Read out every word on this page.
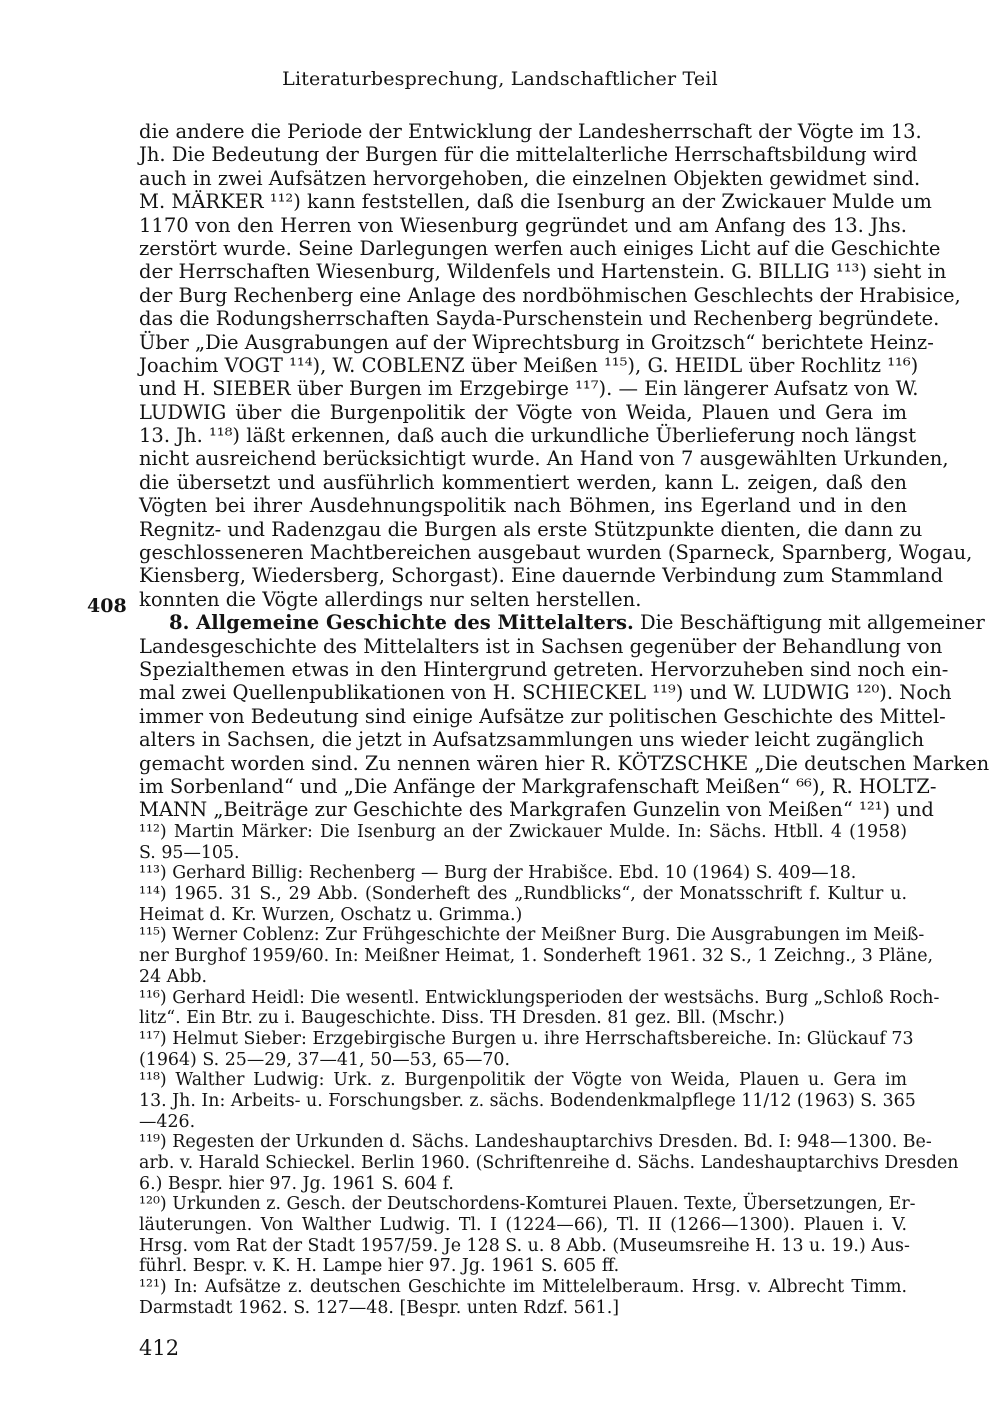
Literaturbesprechung, Landschaftlicher Teil
die andere die Periode der Entwicklung der Landesherrschaft der Vögte im 13.
Jh. Die Bedeutung der Burgen für die mittelalterliche Herrschaftsbildung wird
auch in zwei Aufsätzen hervorgehoben, die einzelnen Objekten gewidmet sind.
M. MÄRKER ¹¹²) kann feststellen, daß die Isenburg an der Zwickauer Mulde um
1170 von den Herren von Wiesenburg gegründet und am Anfang des 13. Jhs.
zerstört wurde. Seine Darlegungen werfen auch einiges Licht auf die Geschichte
der Herrschaften Wiesenburg, Wildenfels und Hartenstein. G. BILLIG ¹¹³) sieht in
der Burg Rechenberg eine Anlage des nordböhmischen Geschlechts der Hrabisice,
das die Rodungsherrschaften Sayda-Purschenstein und Rechenberg begründete.
Über „Die Ausgrabungen auf der Wiprechtsburg in Groitzsch“ berichtete Heinz-
Joachim VOGT ¹¹⁴), W. COBLENZ über Meißen ¹¹⁵), G. HEIDL über Rochlitz ¹¹⁶)
und H. SIEBER über Burgen im Erzgebirge ¹¹⁷). — Ein längerer Aufsatz von W.
LUDWIG über die Burgenpolitik der Vögte von Weida, Plauen und Gera im
13. Jh. ¹¹⁸) läßt erkennen, daß auch die urkundliche Überlieferung noch längst
nicht ausreichend berücksichtigt wurde. An Hand von 7 ausgewählten Urkunden,
die übersetzt und ausführlich kommentiert werden, kann L. zeigen, daß den
Vögten bei ihrer Ausdehnungspolitik nach Böhmen, ins Egerland und in den
Regnitz- und Radenzgau die Burgen als erste Stützpunkte dienten, die dann zu
geschlosseneren Machtbereichen ausgebaut wurden (Sparneck, Sparnberg, Wogau,
Kiensberg, Wiedersberg, Schorgast). Eine dauernde Verbindung zum Stammland
konnten die Vögte allerdings nur selten herstellen.
8. Allgemeine Geschichte des Mittelalters. Die Beschäftigung mit allgemeiner
Landesgeschichte des Mittelalters ist in Sachsen gegenüber der Behandlung von
Spezialthemen etwas in den Hintergrund getreten. Hervorzuheben sind noch ein-
mal zwei Quellenpublikationen von H. SCHIECKEL ¹¹⁹) und W. LUDWIG ¹²⁰). Noch
immer von Bedeutung sind einige Aufsätze zur politischen Geschichte des Mittel-
alters in Sachsen, die jetzt in Aufsatzsammlungen uns wieder leicht zugänglich
gemacht worden sind. Zu nennen wären hier R. KÖTZSCHKE „Die deutschen Marken
im Sorbenland“ und „Die Anfänge der Markgrafenschaft Meißen“ ⁶⁶), R. HOLTZ-
MANN „Beiträge zur Geschichte des Markgrafen Gunzelin von Meißen“ ¹²¹) und
408
¹¹²) Martin Märker: Die Isenburg an der Zwickauer Mulde. In: Sächs. Htbll. 4 (1958)
S. 95—105.
¹¹³) Gerhard Billig: Rechenberg — Burg der Hrabišce. Ebd. 10 (1964) S. 409—18.
¹¹⁴) 1965. 31 S., 29 Abb. (Sonderheft des „Rundblicks“, der Monatsschrift f. Kultur u.
Heimat d. Kr. Wurzen, Oschatz u. Grimma.)
¹¹⁵) Werner Coblenz: Zur Frühgeschichte der Meißner Burg. Die Ausgrabungen im Meiß-
ner Burghof 1959/60. In: Meißner Heimat, 1. Sonderheft 1961. 32 S., 1 Zeichng., 3 Pläne,
24 Abb.
¹¹⁶) Gerhard Heidl: Die wesentl. Entwicklungsperioden der westsächs. Burg „Schloß Roch-
litz“. Ein Btr. zu i. Baugeschichte. Diss. TH Dresden. 81 gez. Bll. (Mschr.)
¹¹⁷) Helmut Sieber: Erzgebirgische Burgen u. ihre Herrschaftsbereiche. In: Glückauf 73
(1964) S. 25—29, 37—41, 50—53, 65—70.
¹¹⁸) Walther Ludwig: Urk. z. Burgenpolitik der Vögte von Weida, Plauen u. Gera im
13. Jh. In: Arbeits- u. Forschungsber. z. sächs. Bodendenkmalpflege 11/12 (1963) S. 365
—426.
¹¹⁹) Regesten der Urkunden d. Sächs. Landeshauptarchivs Dresden. Bd. I: 948—1300. Be-
arb. v. Harald Schieckel. Berlin 1960. (Schriftenreihe d. Sächs. Landeshauptarchivs Dresden
6.) Bespr. hier 97. Jg. 1961 S. 604 f.
¹²⁰) Urkunden z. Gesch. der Deutschordens-Komturei Plauen. Texte, Übersetzungen, Er-
läuterungen. Von Walther Ludwig. Tl. I (1224—66), Tl. II (1266—1300). Plauen i. V.
Hrsg. vom Rat der Stadt 1957/59. Je 128 S. u. 8 Abb. (Museumsreihe H. 13 u. 19.) Aus-
führl. Bespr. v. K. H. Lampe hier 97. Jg. 1961 S. 605 ff.
¹²¹) In: Aufsätze z. deutschen Geschichte im Mittelelberaum. Hrsg. v. Albrecht Timm.
Darmstadt 1962. S. 127—48. [Bespr. unten Rdzf. 561.]
412
